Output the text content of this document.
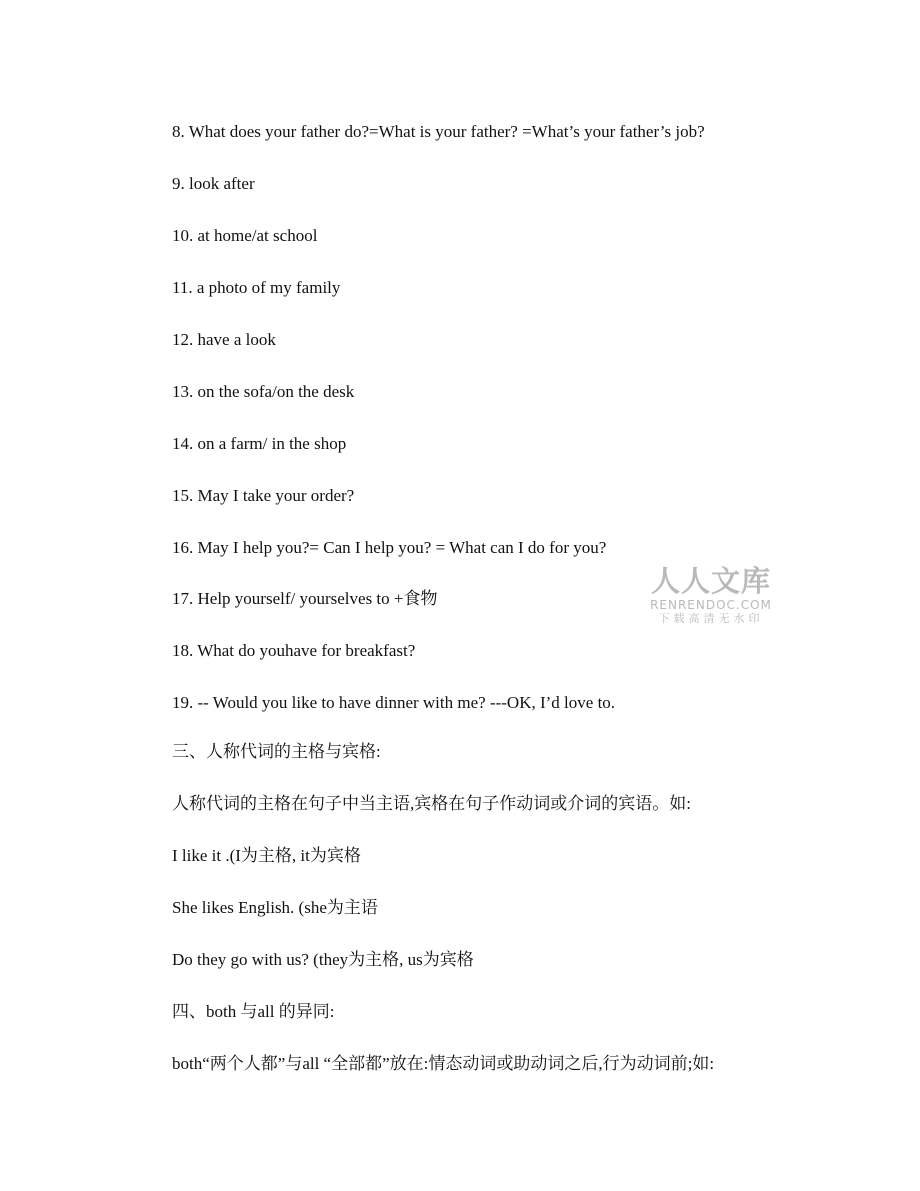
8. What does your father do?=What is your father? =What’s your father’s job?
9. look after
10. at home/at school
11. a photo of my family
12. have a look
13. on the sofa/on the desk
14. on a farm/ in the shop
15. May I take your order?
16. May I help you?= Can I help you? = What can I do for you?
17. Help yourself/ yourselves to +食物
18. What do youhave for breakfast?
19. -- Would you like to have dinner with me? ---OK, I’d love to.
三、人称代词的主格与宾格:
人称代词的主格在句子中当主语,宾格在句子作动词或介词的宾语。如:
I like it .(I为主格, it为宾格
She likes English. (she为主语
Do they go with us? (they为主格, us为宾格
四、both 与all 的异同:
both“两个人都”与all “全部都”放在:情态动词或助动词之后,行为动词前;如:
人人文库
RENRENDOC.COM
下载高清无水印
